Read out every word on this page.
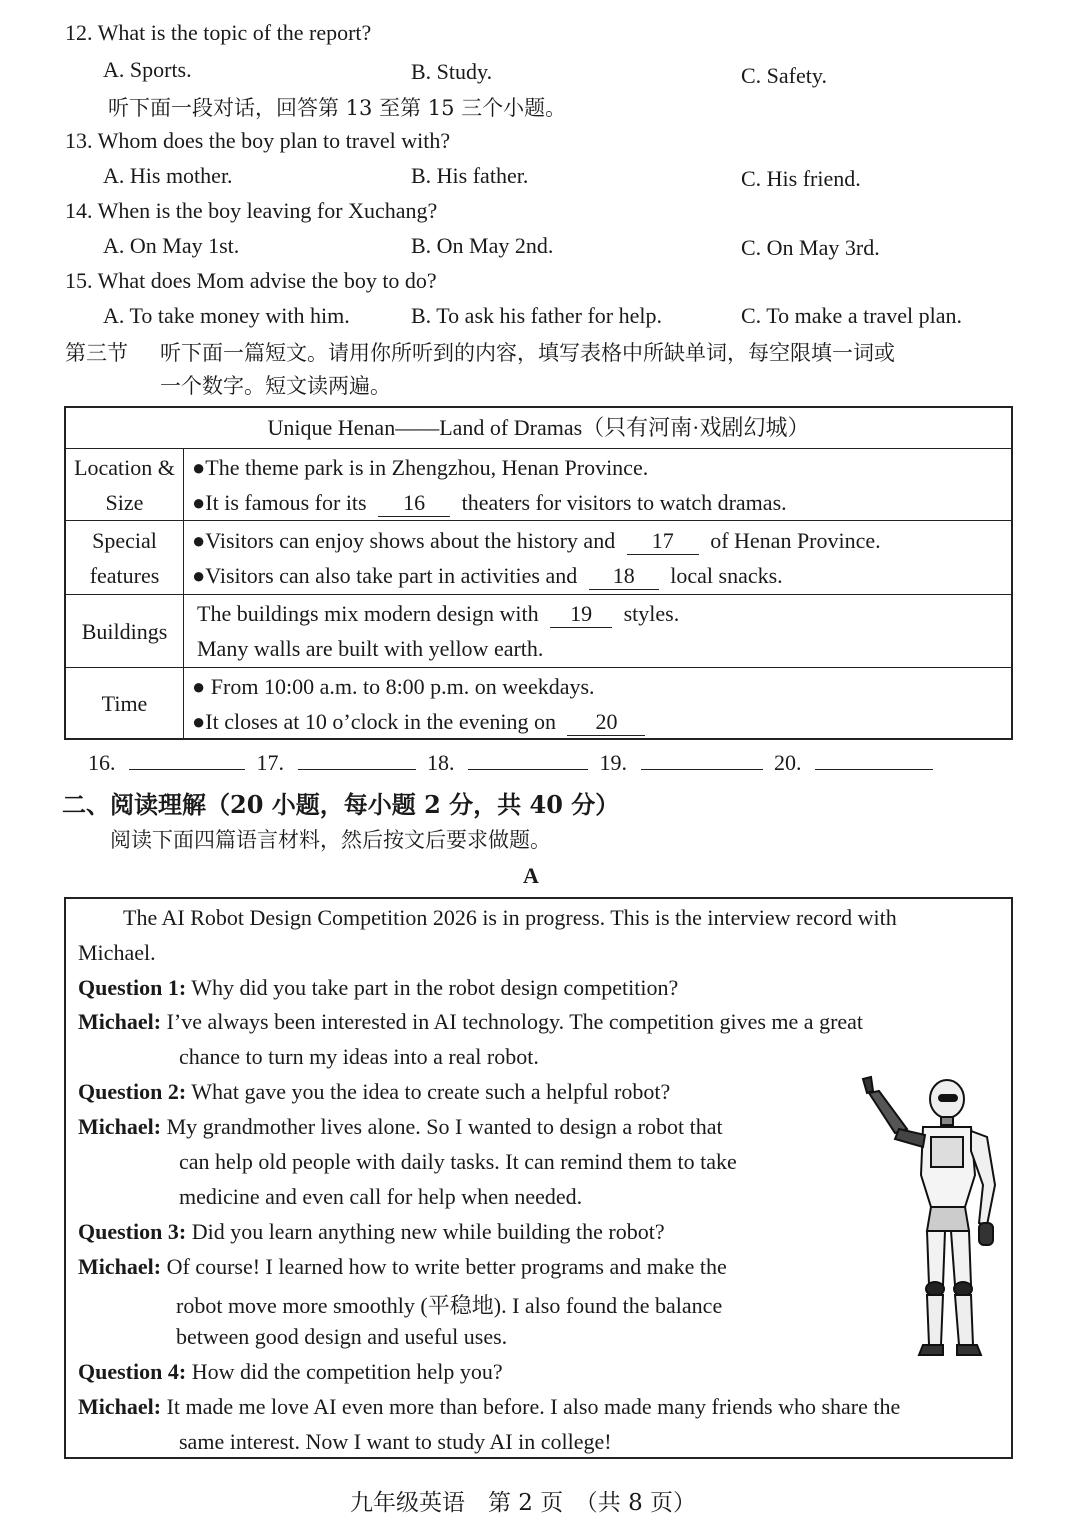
12. What is the topic of the report?
A. Sports.	B. Study.	C. Safety.
听下面一段对话，回答第 13 至第 15 三个小题。
13. Whom does the boy plan to travel with?
A. His mother.	B. His father.	C. His friend.
14. When is the boy leaving for Xuchang?
A. On May 1st.	B. On May 2nd.	C. On May 3rd.
15. What does Mom advise the boy to do?
A. To take money with him.	B. To ask his father for help.	C. To make a travel plan.
第三节 听下面一篇短文。请用你所听到的内容，填写表格中所缺单词，每空限填一词或
一个数字。短文读两遍。
Unique Henan——Land of Dramas（只有河南·戏剧幻城）
Location &
Size
●The theme park is in Zhengzhou, Henan Province.
●It is famous for its 16 theaters for visitors to watch dramas.
Special
features
●Visitors can enjoy shows about the history and 17 of Henan Province.
●Visitors can also take part in activities and 18 local snacks.
Buildings
The buildings mix modern design with 19 styles.
Many walls are built with yellow earth.
Time
● From 10:00 a.m. to 8:00 p.m. on weekdays.
●It closes at 10 o’clock in the evening on 20
16.	17.	18.	19.	20.
二、阅读理解（20 小题，每小题 2 分，共 40 分）
阅读下面四篇语言材料，然后按文后要求做题。
A
The AI Robot Design Competition 2026 is in progress. This is the interview record with
Michael.
Question 1: Why did you take part in the robot design competition?
Michael: I’ve always been interested in AI technology. The competition gives me a great
chance to turn my ideas into a real robot.
Question 2: What gave you the idea to create such a helpful robot?
Michael: My grandmother lives alone. So I wanted to design a robot that
can help old people with daily tasks. It can remind them to take
medicine and even call for help when needed.
Question 3: Did you learn anything new while building the robot?
Michael: Of course! I learned how to write better programs and make the
robot move more smoothly (平稳地). I also found the balance
between good design and useful uses.
Question 4: How did the competition help you?
Michael: It made me love AI even more than before. I also made many friends who share the
same interest. Now I want to study AI in college!
九年级英语　第 2 页　（共 8 页）
